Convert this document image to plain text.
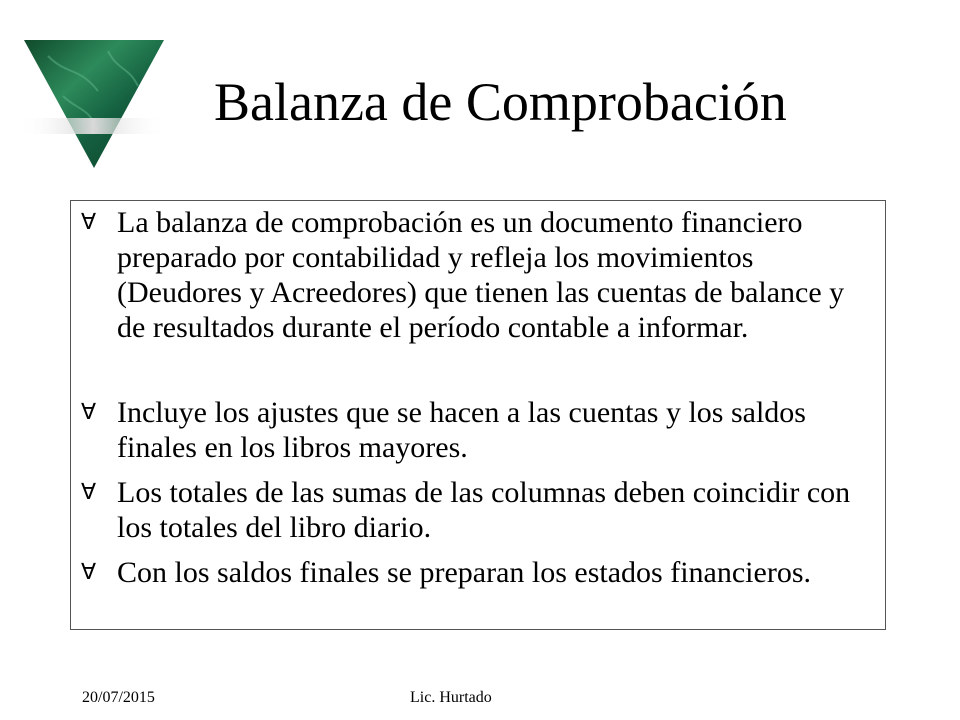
Balanza de Comprobación
∀ La balanza de comprobación es un documento financiero preparado por contabilidad y refleja los movimientos (Deudores y Acreedores) que tienen las cuentas de balance y de resultados durante el período contable a informar.
∀ Incluye los ajustes que se hacen a las cuentas y los saldos finales en los libros mayores.
∀ Los totales de las sumas de las columnas deben coincidir con los totales del libro diario.
∀ Con los saldos finales se preparan los estados financieros.
20/07/2015	Lic. Hurtado
